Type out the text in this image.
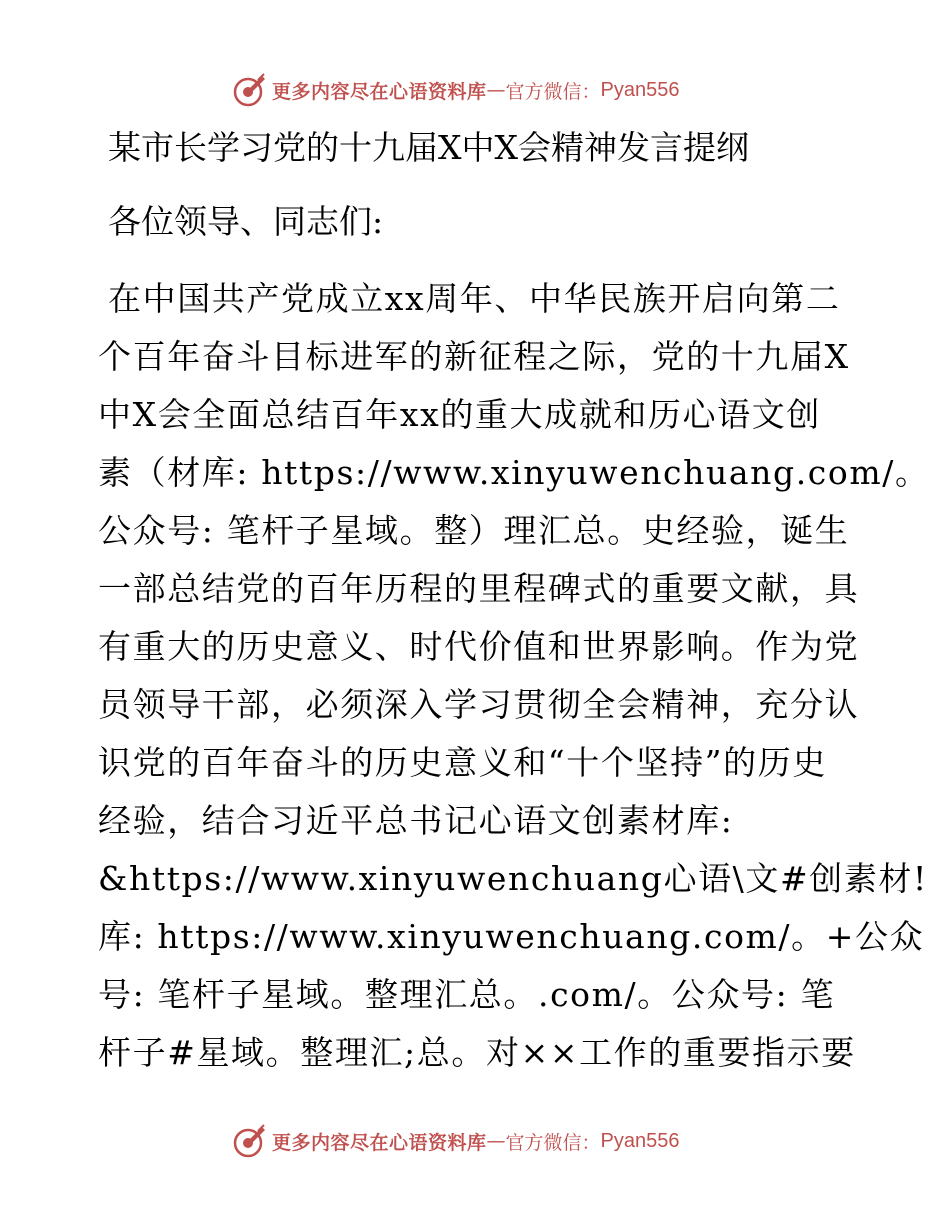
更多内容尽在心语资料库 — 官方微信： Pyan556
某市长学习党的十九届X中X会精神发言提纲
各位领导、同志们:
在中国共产党成立xx周年、中华民族开启向第二
个百年奋斗目标进军的新征程之际，党的十九届X
中X会全面总结百年xx的重大成就和历心语文创
素（材库: https://www.xinyuwenchuang.com/。
公众号: 笔杆子星域。整）理汇总。史经验，诞生
一部总结党的百年历程的里程碑式的重要文献，具
有重大的历史意义、时代价值和世界影响。作为党
员领导干部，必须深入学习贯彻全会精神，充分认
识党的百年奋斗的历史意义和“十个坚持”的历史
经验，结合习近平总书记心语文创素材库:
&https://www.xinyuwenchuang心语\文#创素材!
库: https://www.xinyuwenchuang.com/。+公众
号: 笔杆子星域。整理汇总。.com/。公众号: 笔
杆子#星域。整理汇;总。对××工作的重要指示要
更多内容尽在心语资料库 — 官方微信： Pyan556
